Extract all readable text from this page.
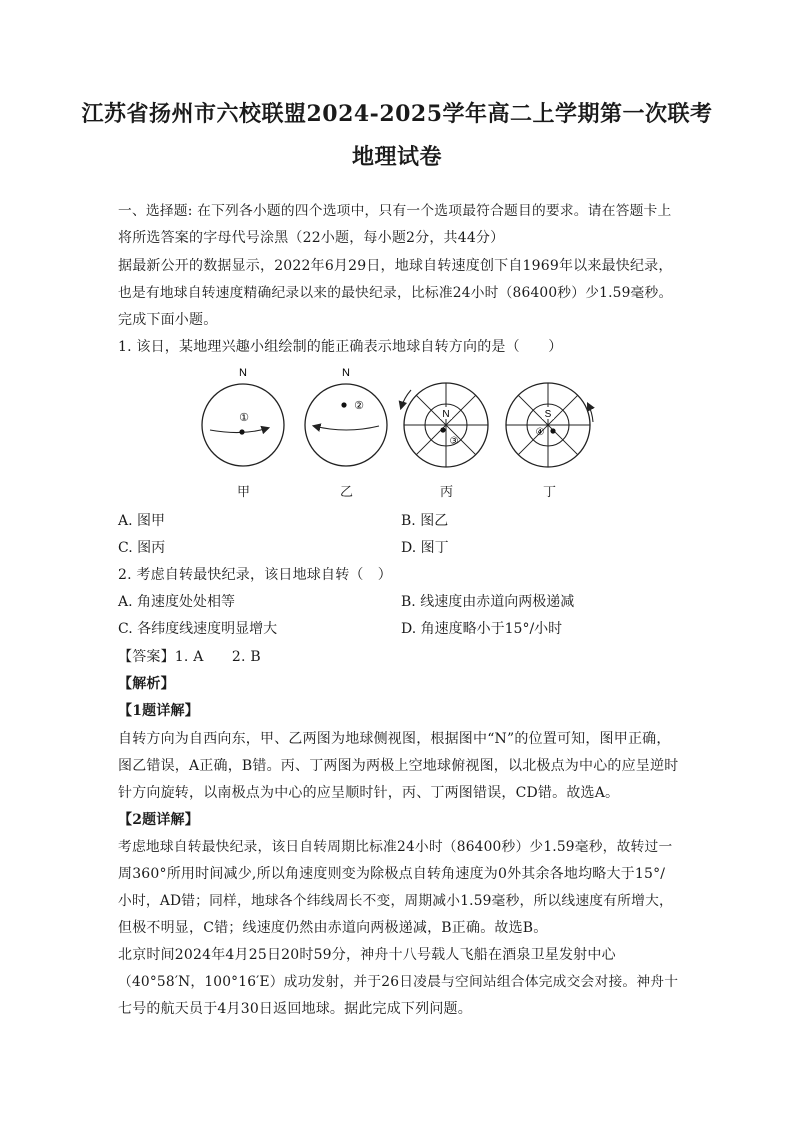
江苏省扬州市六校联盟2024-2025学年高二上学期第一次联考
地理试卷
一、选择题: 在下列各小题的四个选项中，只有一个选项最符合题目的要求。请在答题卡上
将所选答案的字母代号涂黑（22小题，每小题2分，共44分）
据最新公开的数据显示，2022年6月29日，地球自转速度创下自1969年以来最快纪录，
也是有地球自转速度精确纪录以来的最快纪录，比标准24小时（86400秒）少1.59毫秒。
完成下面小题。
1. 该日，某地理兴趣小组绘制的能正确表示地球自转方向的是（　　）
N
①
N
②
N
③
S
④
甲	乙	丙	丁
A. 图甲	B. 图乙
C. 图丙	D. 图丁
2. 考虑自转最快纪录，该日地球自转（　）
A. 角速度处处相等	B. 线速度由赤道向两极递减
C. 各纬度线速度明显增大	D. 角速度略小于15°/小时
【答案】1. A　　2. B
【解析】
【1题详解】
自转方向为自西向东，甲、乙两图为地球侧视图，根据图中“N”的位置可知，图甲正确，
图乙错误，A正确，B错。丙、丁两图为两极上空地球俯视图，以北极点为中心的应呈逆时
针方向旋转，以南极点为中心的应呈顺时针，丙、丁两图错误，CD错。故选A。
【2题详解】
考虑地球自转最快纪录，该日自转周期比标准24小时（86400秒）少1.59毫秒，故转过一
周360°所用时间减少,所以角速度则变为除极点自转角速度为0外其余各地均略大于15°/
小时，AD错；同样，地球各个纬线周长不变，周期减小1.59毫秒，所以线速度有所增大，
但极不明显，C错；线速度仍然由赤道向两极递减，B正确。故选B。
北京时间2024年4月25日20时59分，神舟十八号载人飞船在酒泉卫星发射中心
（40°58′N，100°16′E）成功发射，并于26日凌晨与空间站组合体完成交会对接。神舟十
七号的航天员于4月30日返回地球。据此完成下列问题。
